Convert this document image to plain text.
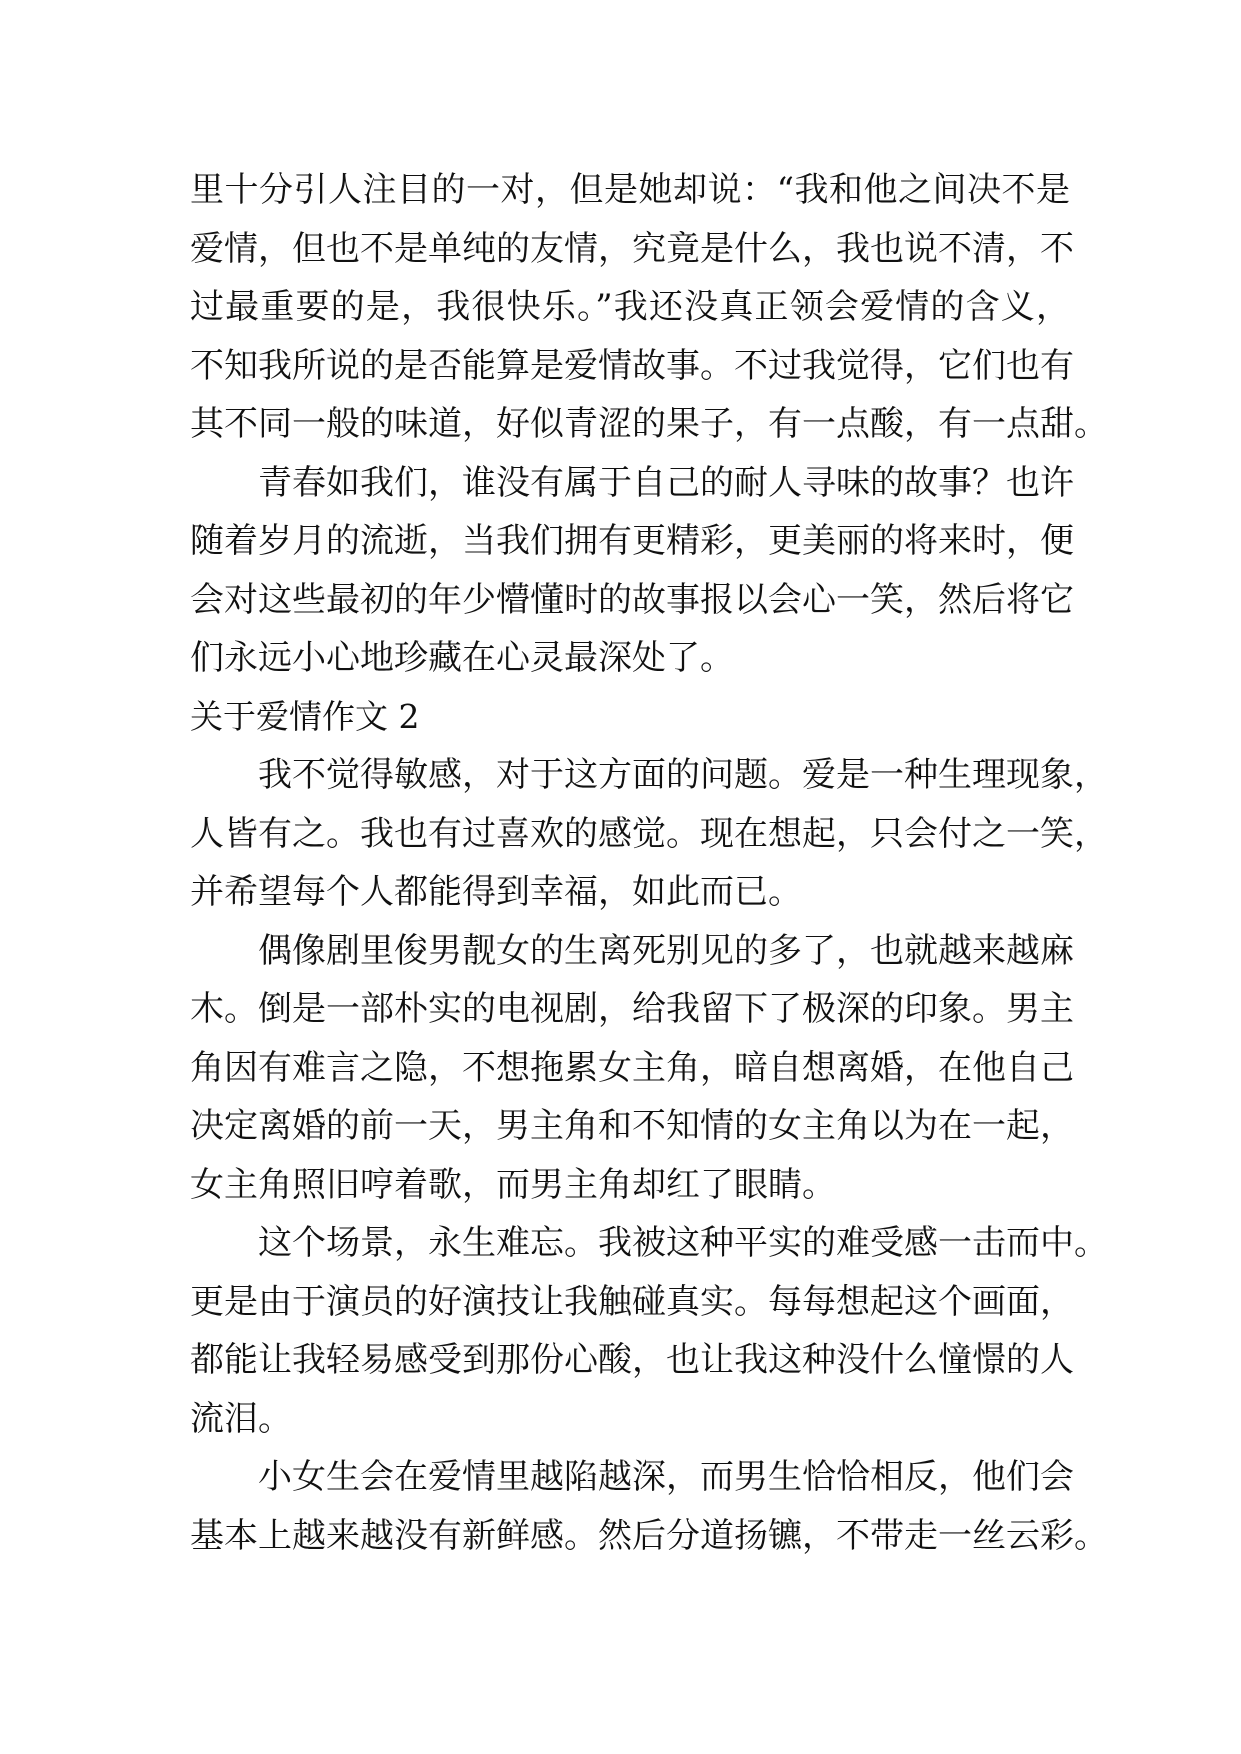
里十分引人注目的一对，但是她却说：“我和他之间决不是
爱情，但也不是单纯的友情，究竟是什么，我也说不清，不
过最重要的是，我很快乐。”我还没真正领会爱情的含义，
不知我所说的是否能算是爱情故事。不过我觉得，它们也有
其不同一般的味道，好似青涩的果子，有一点酸，有一点甜。
青春如我们，谁没有属于自己的耐人寻味的故事？也许
随着岁月的流逝，当我们拥有更精彩，更美丽的将来时，便
会对这些最初的年少懵懂时的故事报以会心一笑，然后将它
们永远小心地珍藏在心灵最深处了。
关于爱情作文 2
我不觉得敏感，对于这方面的问题。爱是一种生理现象，
人皆有之。我也有过喜欢的感觉。现在想起，只会付之一笑，
并希望每个人都能得到幸福，如此而已。
偶像剧里俊男靓女的生离死别见的多了，也就越来越麻
木。倒是一部朴实的电视剧，给我留下了极深的印象。男主
角因有难言之隐，不想拖累女主角，暗自想离婚，在他自己
决定离婚的前一天，男主角和不知情的女主角以为在一起，
女主角照旧哼着歌，而男主角却红了眼睛。
这个场景，永生难忘。我被这种平实的难受感一击而中。
更是由于演员的好演技让我触碰真实。每每想起这个画面，
都能让我轻易感受到那份心酸，也让我这种没什么憧憬的人
流泪。
小女生会在爱情里越陷越深，而男生恰恰相反，他们会
基本上越来越没有新鲜感。然后分道扬镳，不带走一丝云彩。
